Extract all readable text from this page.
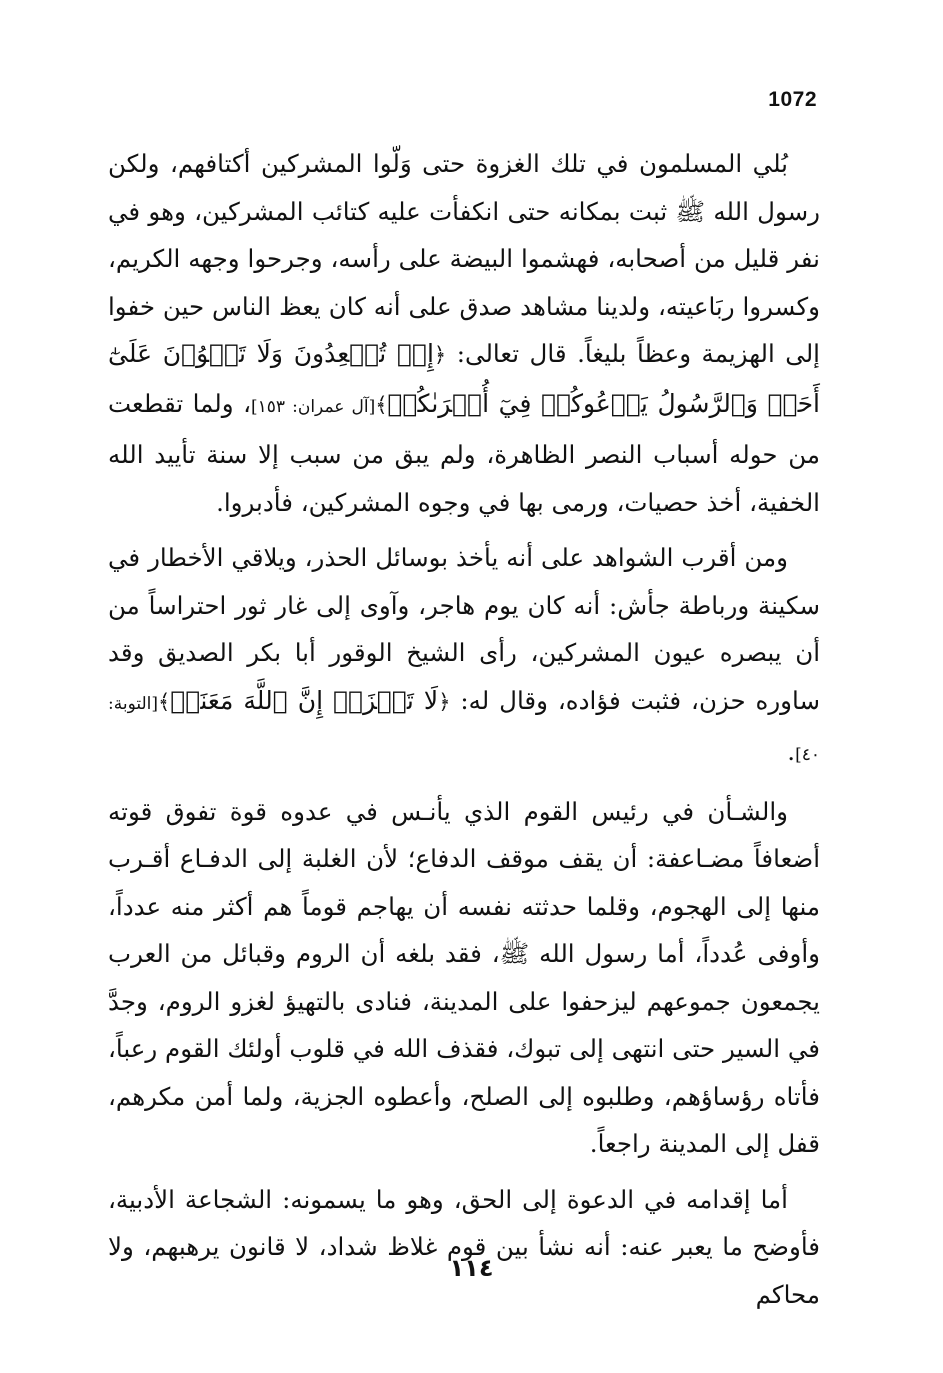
1072

بُلي المسلمون في تلك الغزوة حتى وَلّوا المشركين أكتافهم، ولكن رسول الله ﷺ ثبت بمكانه حتى انكفأت عليه كتائب المشركين، وهو في نفر قليل من أصحابه، فهشموا البيضة على رأسه، وجرحوا وجهه الكريم، وكسروا ربَاعيته، ولدينا مشاهد صدق على أنه كان يعظ الناس حين خفوا إلى الهزيمة وعظاً بليغاً. قال تعالى: ﴿إِذۡ تُصۡعِدُونَ وَلَا تَلۡوُۥنَ عَلَىٰٓ أَحَدٖ وَٱلرَّسُولُ يَدۡعُوكُمۡ فِيٓ أُخۡرَىٰكُمۡ﴾[آل عمران: ١٥٣]، ولما تقطعت من حوله أسباب النصر الظاهرة، ولم يبق من سبب إلا سنة تأييد الله الخفية، أخذ حصيات، ورمى بها في وجوه المشركين، فأدبروا.

ومن أقرب الشواهد على أنه يأخذ بوسائل الحذر، ويلاقي الأخطار في سكينة ورباطة جأش: أنه كان يوم هاجر، وآوى إلى غار ثور احتراساً من أن يبصره عيون المشركين، رأى الشيخ الوقور أبا بكر الصديق وقد ساوره حزن، فثبت فؤاده، وقال له: ﴿لَا تَحۡزَنۡ إِنَّ ٱللَّهَ مَعَنَاۖ﴾[التوبة: ٤٠].

والشـأن في رئيس القوم الذي يأنـس في عدوه قوة تفوق قوته أضعافاً مضـاعفة: أن يقف موقف الدفاع؛ لأن الغلبة إلى الدفـاع أقـرب منها إلى الهجوم، وقلما حدثته نفسه أن يهاجم قوماً هم أكثر منه عدداً، وأوفى عُدداً، أما رسول الله ﷺ، فقد بلغه أن الروم وقبائل من العرب يجمعون جموعهم ليزحفوا على المدينة، فنادى بالتهيؤ لغزو الروم، وجدَّ في السير حتى انتهى إلى تبوك، فقذف الله في قلوب أولئك القوم رعباً، فأتاه رؤساؤهم، وطلبوه إلى الصلح، وأعطوه الجزية، ولما أمن مكرهم، قفل إلى المدينة راجعاً.

أما إقدامه في الدعوة إلى الحق، وهو ما يسمونه: الشجاعة الأدبية، فأوضح ما يعبر عنه: أنه نشأ بين قوم غلاظ شداد، لا قانون يرهبهم، ولا محاكم

١١٤
